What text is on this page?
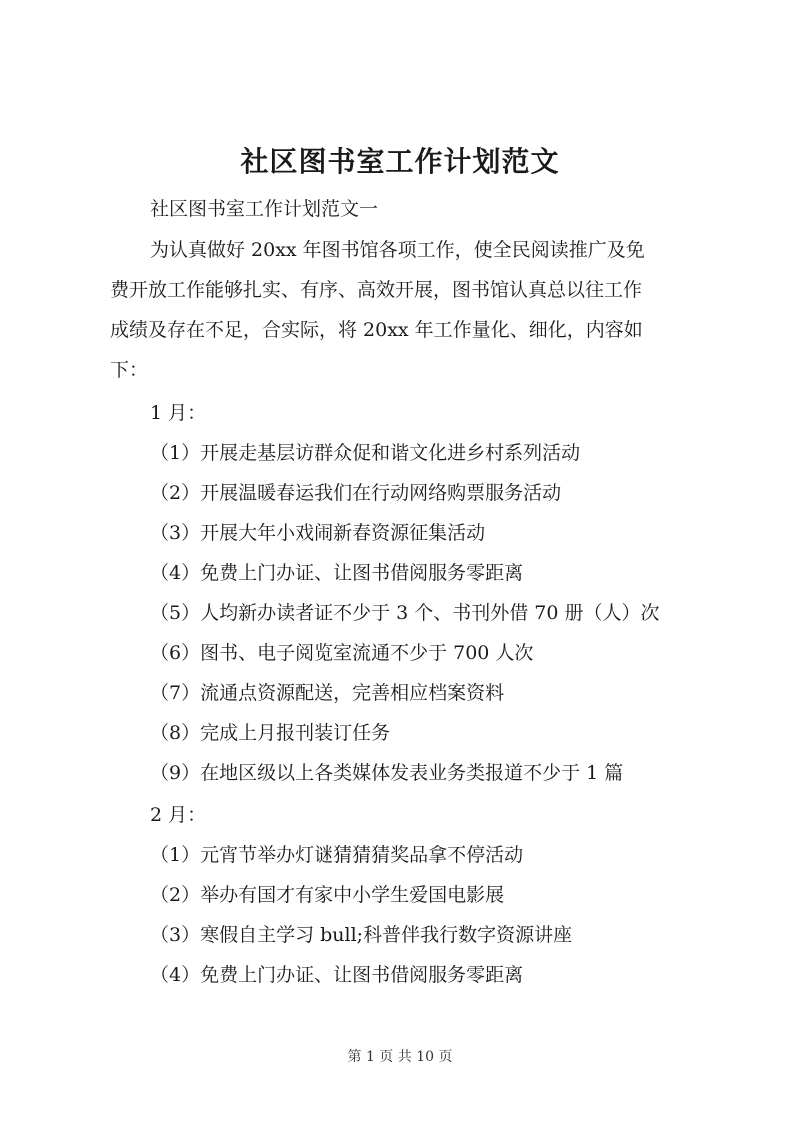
社区图书室工作计划范文

社区图书室工作计划范文一

为认真做好 20xx 年图书馆各项工作，使全民阅读推广及免

费开放工作能够扎实、有序、高效开展，图书馆认真总以往工作

成绩及存在不足，合实际，将 20xx 年工作量化、细化，内容如

下：

1 月：

（1）开展走基层访群众促和谐文化进乡村系列活动

（2）开展温暖春运我们在行动网络购票服务活动

（3）开展大年小戏闹新春资源征集活动

（4）免费上门办证、让图书借阅服务零距离

（5）人均新办读者证不少于 3 个、书刊外借 70 册（人）次

（6）图书、电子阅览室流通不少于 700 人次

（7）流通点资源配送，完善相应档案资料

（8）完成上月报刊装订任务

（9）在地区级以上各类媒体发表业务类报道不少于 1 篇

2 月：

（1）元宵节举办灯谜猜猜猜奖品拿不停活动

（2）举办有国才有家中小学生爱国电影展

（3）寒假自主学习 bull;科普伴我行数字资源讲座

（4）免费上门办证、让图书借阅服务零距离

第 1 页 共 10 页
